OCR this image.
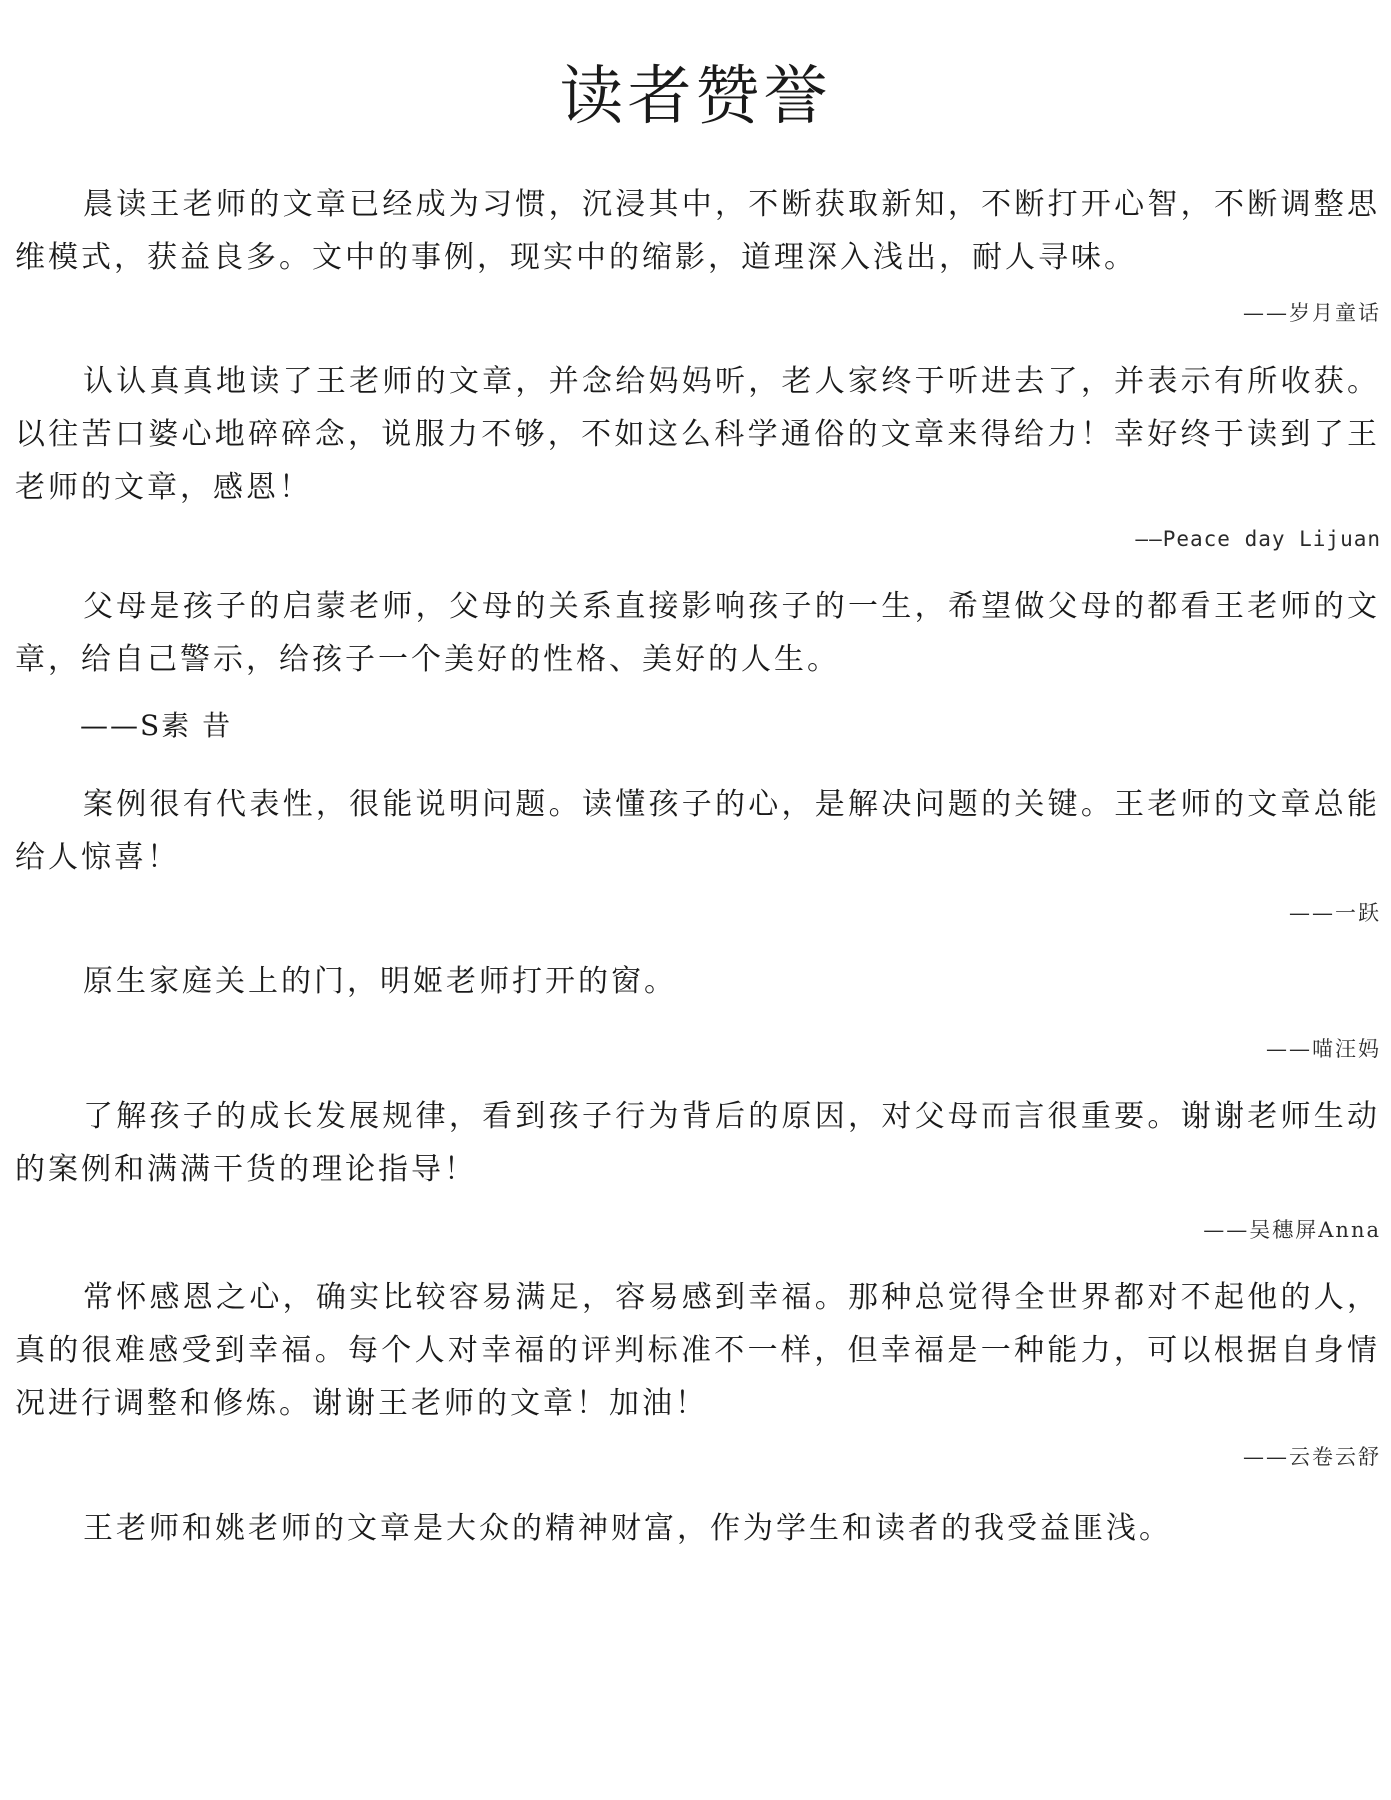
读者赞誉

晨读王老师的文章已经成为习惯，沉浸其中，不断获取新知，不断打开心智，不断调整思维模式，获益良多。文中的事例，现实中的缩影，道理深入浅出，耐人寻味。

——岁月童话

认认真真地读了王老师的文章，并念给妈妈听，老人家终于听进去了，并表示有所收获。以往苦口婆心地碎碎念，说服力不够，不如这么科学通俗的文章来得给力！幸好终于读到了王老师的文章，感恩！

——Peace day Lijuan

父母是孩子的启蒙老师，父母的关系直接影响孩子的一生，希望做父母的都看王老师的文章，给自己警示，给孩子一个美好的性格、美好的人生。

——S素 昔

案例很有代表性，很能说明问题。读懂孩子的心，是解决问题的关键。王老师的文章总能给人惊喜！

——一跃

原生家庭关上的门，明姬老师打开的窗。

——喵汪妈

了解孩子的成长发展规律，看到孩子行为背后的原因，对父母而言很重要。谢谢老师生动的案例和满满干货的理论指导！

——吴穗屏Anna

常怀感恩之心，确实比较容易满足，容易感到幸福。那种总觉得全世界都对不起他的人，真的很难感受到幸福。每个人对幸福的评判标准不一样，但幸福是一种能力，可以根据自身情况进行调整和修炼。谢谢王老师的文章！加油！

——云卷云舒

王老师和姚老师的文章是大众的精神财富，作为学生和读者的我受益匪浅。
